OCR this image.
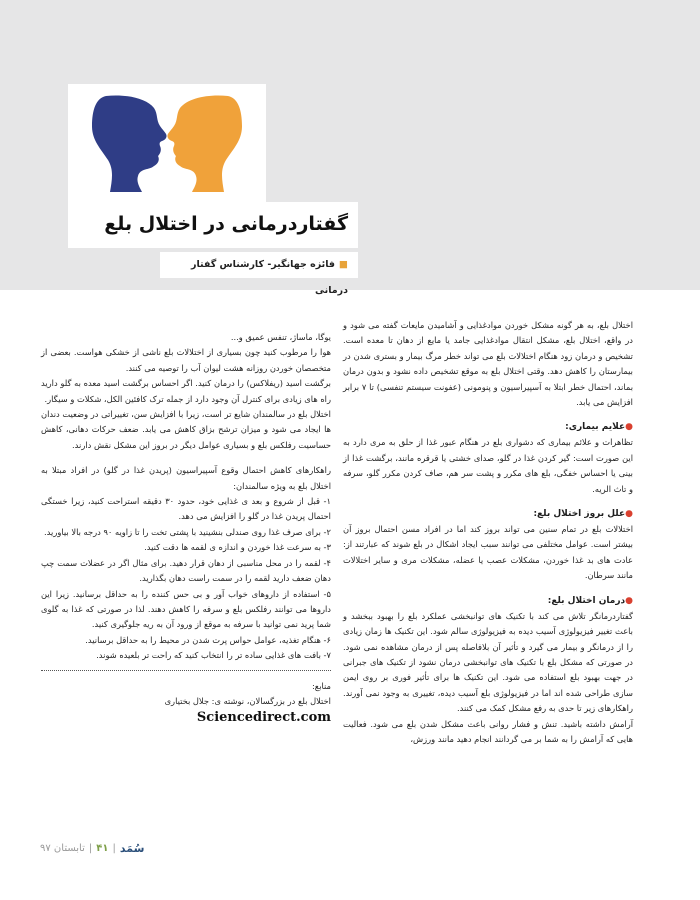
گفتاردرمانی در اختلال بلع
■فائزه جهانگیر- کارشناس گفتار درمانی

اختلال بلع، به هر گونه مشکل خوردن موادغذایی و آشامیدن مایعات گفته می شود و در واقع، اختلال بلع، مشکل انتقال موادغذایی جامد یا مایع از دهان تا معده است. تشخیص و درمان زود هنگام اختلالات بلع می تواند خطر مرگ بیمار و بستری شدن در بیمارستان را کاهش دهد. وقتی اختلال بلع به موقع تشخیص داده نشود و بدون درمان بماند، احتمال خطر ابتلا به آسپیراسیون و پنومونی (عفونت سیستم تنفسی) تا ۷ برابر افزایش می یابد.

●علایم بیماری:

تظاهرات و علائم بیماری که دشواری بلع در هنگام عبور غذا از حلق به مری دارد به این صورت است: گیر کردن غذا در گلو، صدای خشتی یا قرقره مانند، برگشت غذا از بینی یا احساس خفگی، بلع های مکرر و پشت سر هم، صاف کردن مکرر گلو، سرفه و تاث الریه.

●علل بروز اختلال بلع:

اختلالات بلع در تمام سنین می تواند بروز کند اما در افراد مسن احتمال بروز آن بیشتر است. عوامل مختلفی می توانند سبب ایجاد اشکال در بلع شوند که عبارتند از: عادت های بد غذا خوردن، مشکلات عصب یا عضله، مشکلات مری و سایر اختلالات مانند سرطان.

●درمان اختلال بلع:

گفتاردرمانگر تلاش می کند با تکنیک های توانبخشی عملکرد بلع را بهبود ببخشد و باعث تغییر فیزیولوژی آسیب دیده به فیزیولوژی سالم شود. این تکنیک ها زمان زیادی را از درمانگر و بیمار می گیرد و تأثیر آن بلافاصله پس از درمان مشاهده نمی شود. در صورتی که مشکل بلع با تکنیک های توانبخشی درمان نشود از تکنیک های جبرانی در جهت بهبود بلع استفاده می شود. این تکنیک ها برای تأثیر فوری بر روی ایمن سازی طراحی شده اند اما در فیزیولوژی بلع آسیب دیده، تغییری به وجود نمی آورند. راهکارهای زیر تا حدی به رفع مشکل کمک می کنند.

آرامش داشته باشید. تنش و فشار روانی باعث مشکل شدن بلع می شود. فعالیت هایی که آرامش را به شما بر می گردانند انجام دهید مانند ورزش،

یوگا، ماساژ، تنفس عمیق و...

هوا را مرطوب کنید چون بسیاری از اختلالات بلع ناشی از خشکی هواست. بعضی از متخصصان خوردن روزانه هشت لیوان آب را توصیه می کنند.

برگشت اسید (ریفلاکس) را درمان کنید. اگر احساس برگشت اسید معده به گلو دارید راه های زیادی برای کنترل آن وجود دارد از جمله ترک کافئین الکل، شکلات و سیگار.

اختلال بلع در سالمندان شایع تر است، زیرا با افزایش سن، تغییراتی در وضعیت دندان ها ایجاد می شود و میزان ترشح بزاق کاهش می یابد. ضعف حرکات دهانی، کاهش حساسیت رفلکس بلع و بسیاری عوامل دیگر در بروز این مشکل نقش دارند.

راهکارهای کاهش احتمال وقوع آسپیراسیون (پریدن غذا در گلو) در افراد مبتلا به اختلال بلع به ویژه سالمندان:

۱- قبل از شروع و بعد ی غذایی خود، حدود ۳۰ دقیقه استراحت کنید، زیرا خستگی احتمال پریدن غذا در گلو را افزایش می دهد.
۲- برای صرف غذا روی صندلی بنشینید با پشتی تخت را تا زاویه ۹۰ درجه بالا بیاورید.
۳- به سرعت غذا خوردن و اندازه ی لقمه ها دقت کنید.
۴- لقمه را در محل مناسبی از دهان قرار دهید. برای مثال اگر در عضلات سمت چپ دهان ضعف دارید لقمه را در سمت راست دهان بگذارید.
۵- استفاده از داروهای خواب آور و بی حس کننده را به حداقل برسانید. زیرا این داروها می توانند رفلکس بلع و سرفه را کاهش دهند. لذا در صورتی که غذا به گلوی شما پرید نمی توانید با سرفه به موقع از ورود آن به ریه جلوگیری کنید.
۶- هنگام تغذیه، عوامل حواس پرت شدن در محیط را به حداقل برسانید.
۷- بافت های غذایی ساده تر را انتخاب کنید که راحت تر بلعیده شوند.
منابع:
اختلال بلع در بزرگسالان، نوشته ی: جلال بختیاری
Sciencedirect.com
سُمَد
|
۴۱
|
تابستان ۹۷
